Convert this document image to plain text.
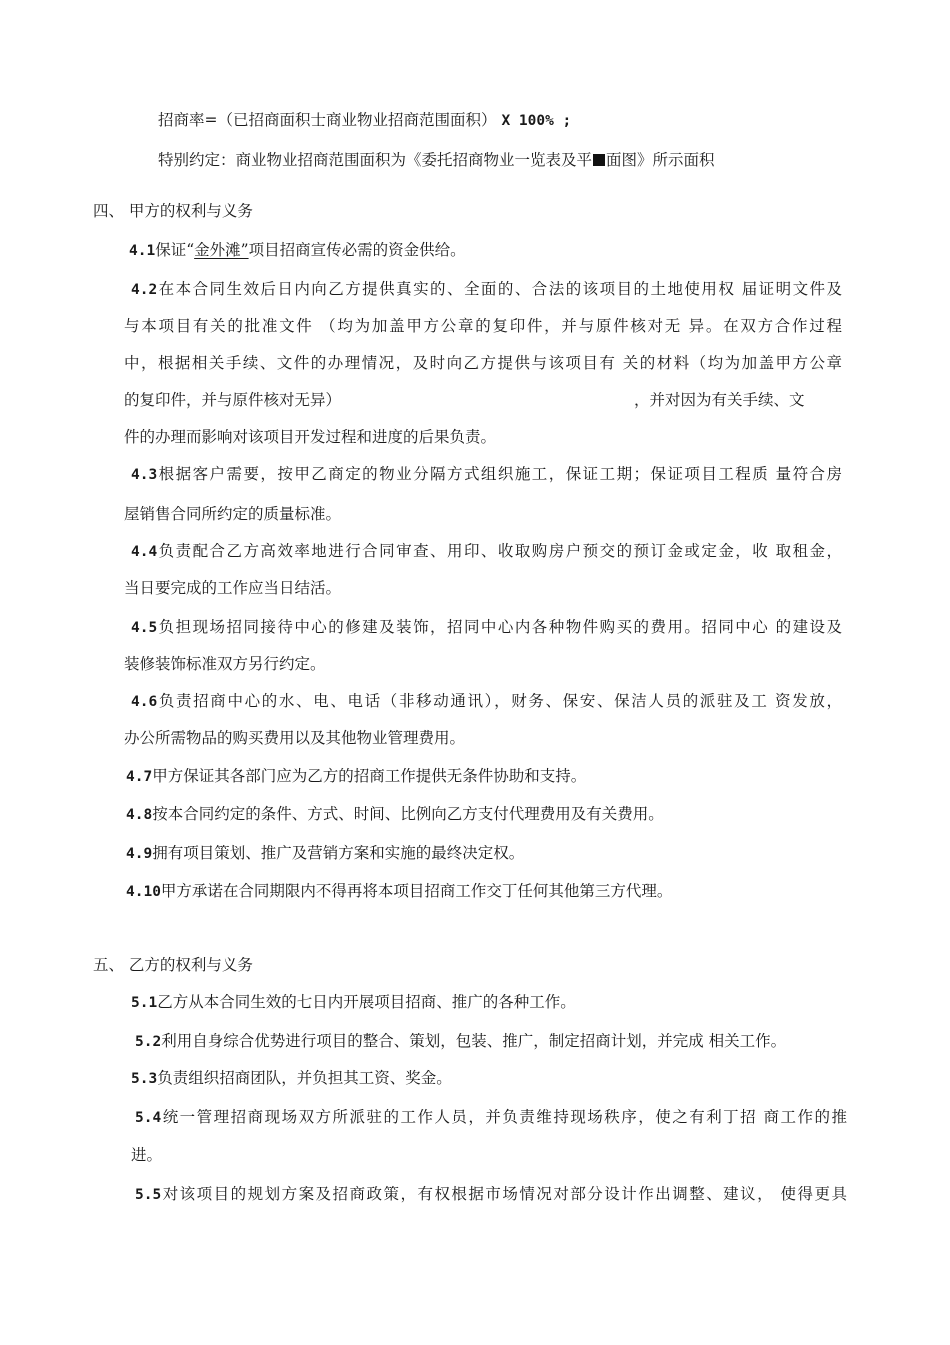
招商率=（已招商面积士商业物业招商范围面积） X 100% ;

特别约定：商业物业招商范围面积为《委托招商物业一览表及平 面图》所示面积

四、 甲方的权利与义务

4.1保证“金外滩”项目招商宣传必需的资金供给。

4.2在本合同生效后日内向乙方提供真实的、全面的、合法的该项目的土地使用权 届证明文件及

与本项目有关的批准文件 （均为加盖甲方公章的复印件，并与原件核对无 异。在双方合作过程

中，根据相关手续、文件的办理情况，及时向乙方提供与该项目有 关的材料（均为加盖甲方公章

的复印件，并与原件核对无异）	，并对因为有关手续、文

件的办理而影响对该项目开发过程和进度的后果负责。

4.3根据客户需要，按甲乙商定的物业分隔方式组织施工，保证工期；保证项目工程质 量符合房

屋销售合同所约定的质量标准。

4.4负责配合乙方高效率地进行合同审查、用印、收取购房户预交的预订金或定金，收 取租金，

当日要完成的工作应当日结活。

4.5负担现场招同接待中心的修建及装饰，招同中心内各种物件购买的费用。招同中心 的建设及

装修装饰标准双方另行约定。

4.6负责招商中心的水、电、电话（非移动通讯），财务、保安、保洁人员的派驻及工 资发放，

办公所需物品的购买费用以及其他物业管理费用。

4.7甲方保证其各部门应为乙方的招商工作提供无条件协助和支持。

4.8按本合同约定的条件、方式、时间、比例向乙方支付代理费用及有关费用。

4.9拥有项目策划、推广及营销方案和实施的最终决定权。

4.10甲方承诺在合同期限内不得再将本项目招商工作交丁任何其他第三方代理。

五、 乙方的权利与义务

5.1乙方从本合同生效的七日内开展项目招商、推广的各种工作。

5.2利用自身综合优势进行项目的整合、策划，包装、推广，制定招商计划，并完成 相关工作。

5.3负责组织招商团队，并负担其工资、奖金。

5.4统一管理招商现场双方所派驻的工作人员，并负责维持现场秩序，使之有利丁招 商工作的推

进。

5.5对该项目的规划方案及招商政策，有权根据市场情况对部分设计作出调整、建议， 使得更具
